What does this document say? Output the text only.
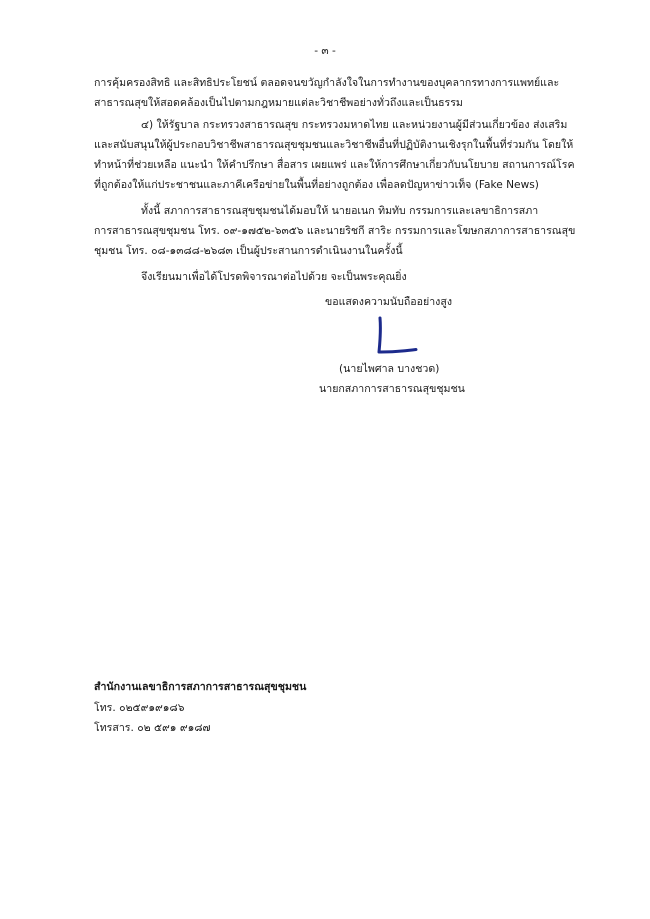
- ๓ -
การคุ้มครองสิทธิ และสิทธิประโยชน์ ตลอดจนขวัญกำลังใจในการทำงานของบุคลากรทางการแพทย์และ
สาธารณสุขให้สอดคล้องเป็นไปตามกฎหมายแต่ละวิชาชีพอย่างทั่วถึงและเป็นธรรม
๔) ให้รัฐบาล กระทรวงสาธารณสุข กระทรวงมหาดไทย และหน่วยงานผู้มีส่วนเกี่ยวข้อง ส่งเสริม
และสนับสนุนให้ผู้ประกอบวิชาชีพสาธารณสุขชุมชนและวิชาชีพอื่นที่ปฏิบัติงานเชิงรุกในพื้นที่ร่วมกัน โดยให้
ทำหน้าที่ช่วยเหลือ แนะนำ ให้คำปรึกษา สื่อสาร เผยแพร่ และให้การศึกษาเกี่ยวกับนโยบาย สถานการณ์โรค
ที่ถูกต้องให้แก่ประชาชนและภาคีเครือข่ายในพื้นที่อย่างถูกต้อง เพื่อลดปัญหาข่าวเท็จ (Fake News)
ทั้งนี้ สภาการสาธารณสุขชุมชนได้มอบให้ นายอเนก ทิมทับ กรรมการและเลขาธิการสภา
การสาธารณสุขชุมชน โทร. ๐๙-๑๗๕๒-๖๓๕๖ และนายริชกี สาริะ กรรมการและโฆษกสภาการสาธารณสุข
ชุมชน โทร. ๐๘-๑๓๘๘-๒๖๘๓ เป็นผู้ประสานการดำเนินงานในครั้งนี้
จึงเรียนมาเพื่อได้โปรดพิจารณาต่อไปด้วย จะเป็นพระคุณยิ่ง
ขอแสดงความนับถืออย่างสูง
(นายไพศาล บางชวด)
นายกสภาการสาธารณสุขชุมชน
สำนักงานเลขาธิการสภาการสาธารณสุขชุมชน
โทร. ๐๒๕๙๑๙๑๘๖
โทรสาร. ๐๒ ๕๙๑ ๙๑๘๗
